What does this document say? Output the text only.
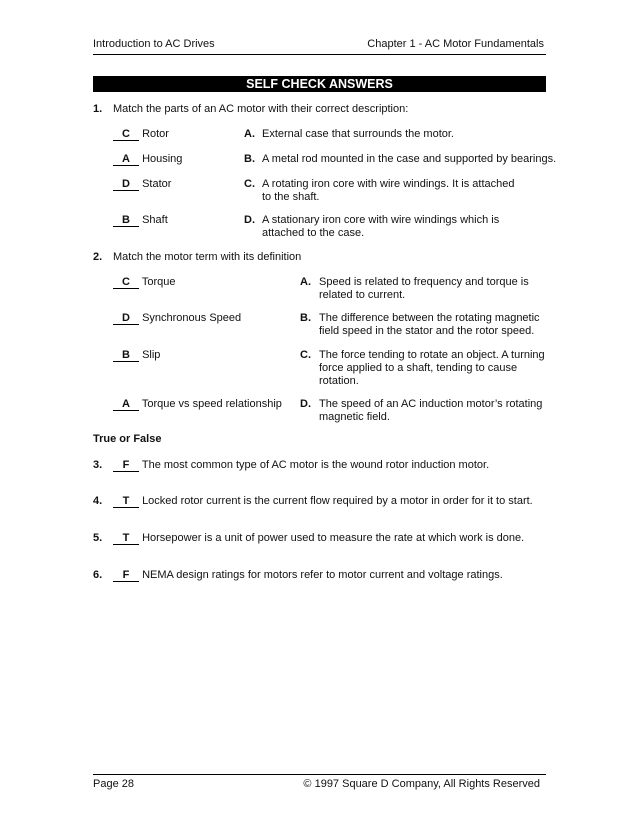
Introduction to AC Drives	Chapter 1 - AC Motor Fundamentals
SELF CHECK ANSWERS
1. Match the parts of an AC motor with their correct description:
C Rotor
A Housing
D Stator
B Shaft
A. External case that surrounds the motor.
B. A metal rod mounted in the case and supported by bearings.
C. A rotating iron core with wire windings. It is attached
to the shaft.
D. A stationary iron core with wire windings which is
attached to the case.
2. Match the motor term with its definition
C Torque
D Synchronous Speed
B Slip
A Torque vs speed relationship
A. Speed is related to frequency and torque is
related to current.
B. The difference between the rotating magnetic
field speed in the stator and the rotor speed.
C. The force tending to rotate an object. A turning
force applied to a shaft, tending to cause
rotation.
D. The speed of an AC induction motor’s rotating
magnetic field.
True or False
3. F The most common type of AC motor is the wound rotor induction motor.
4. T Locked rotor current is the current flow required by a motor in order for it to start.
5. T Horsepower is a unit of power used to measure the rate at which work is done.
6. F NEMA design ratings for motors refer to motor current and voltage ratings.
Page 28	© 1997 Square D Company, All Rights Reserved
